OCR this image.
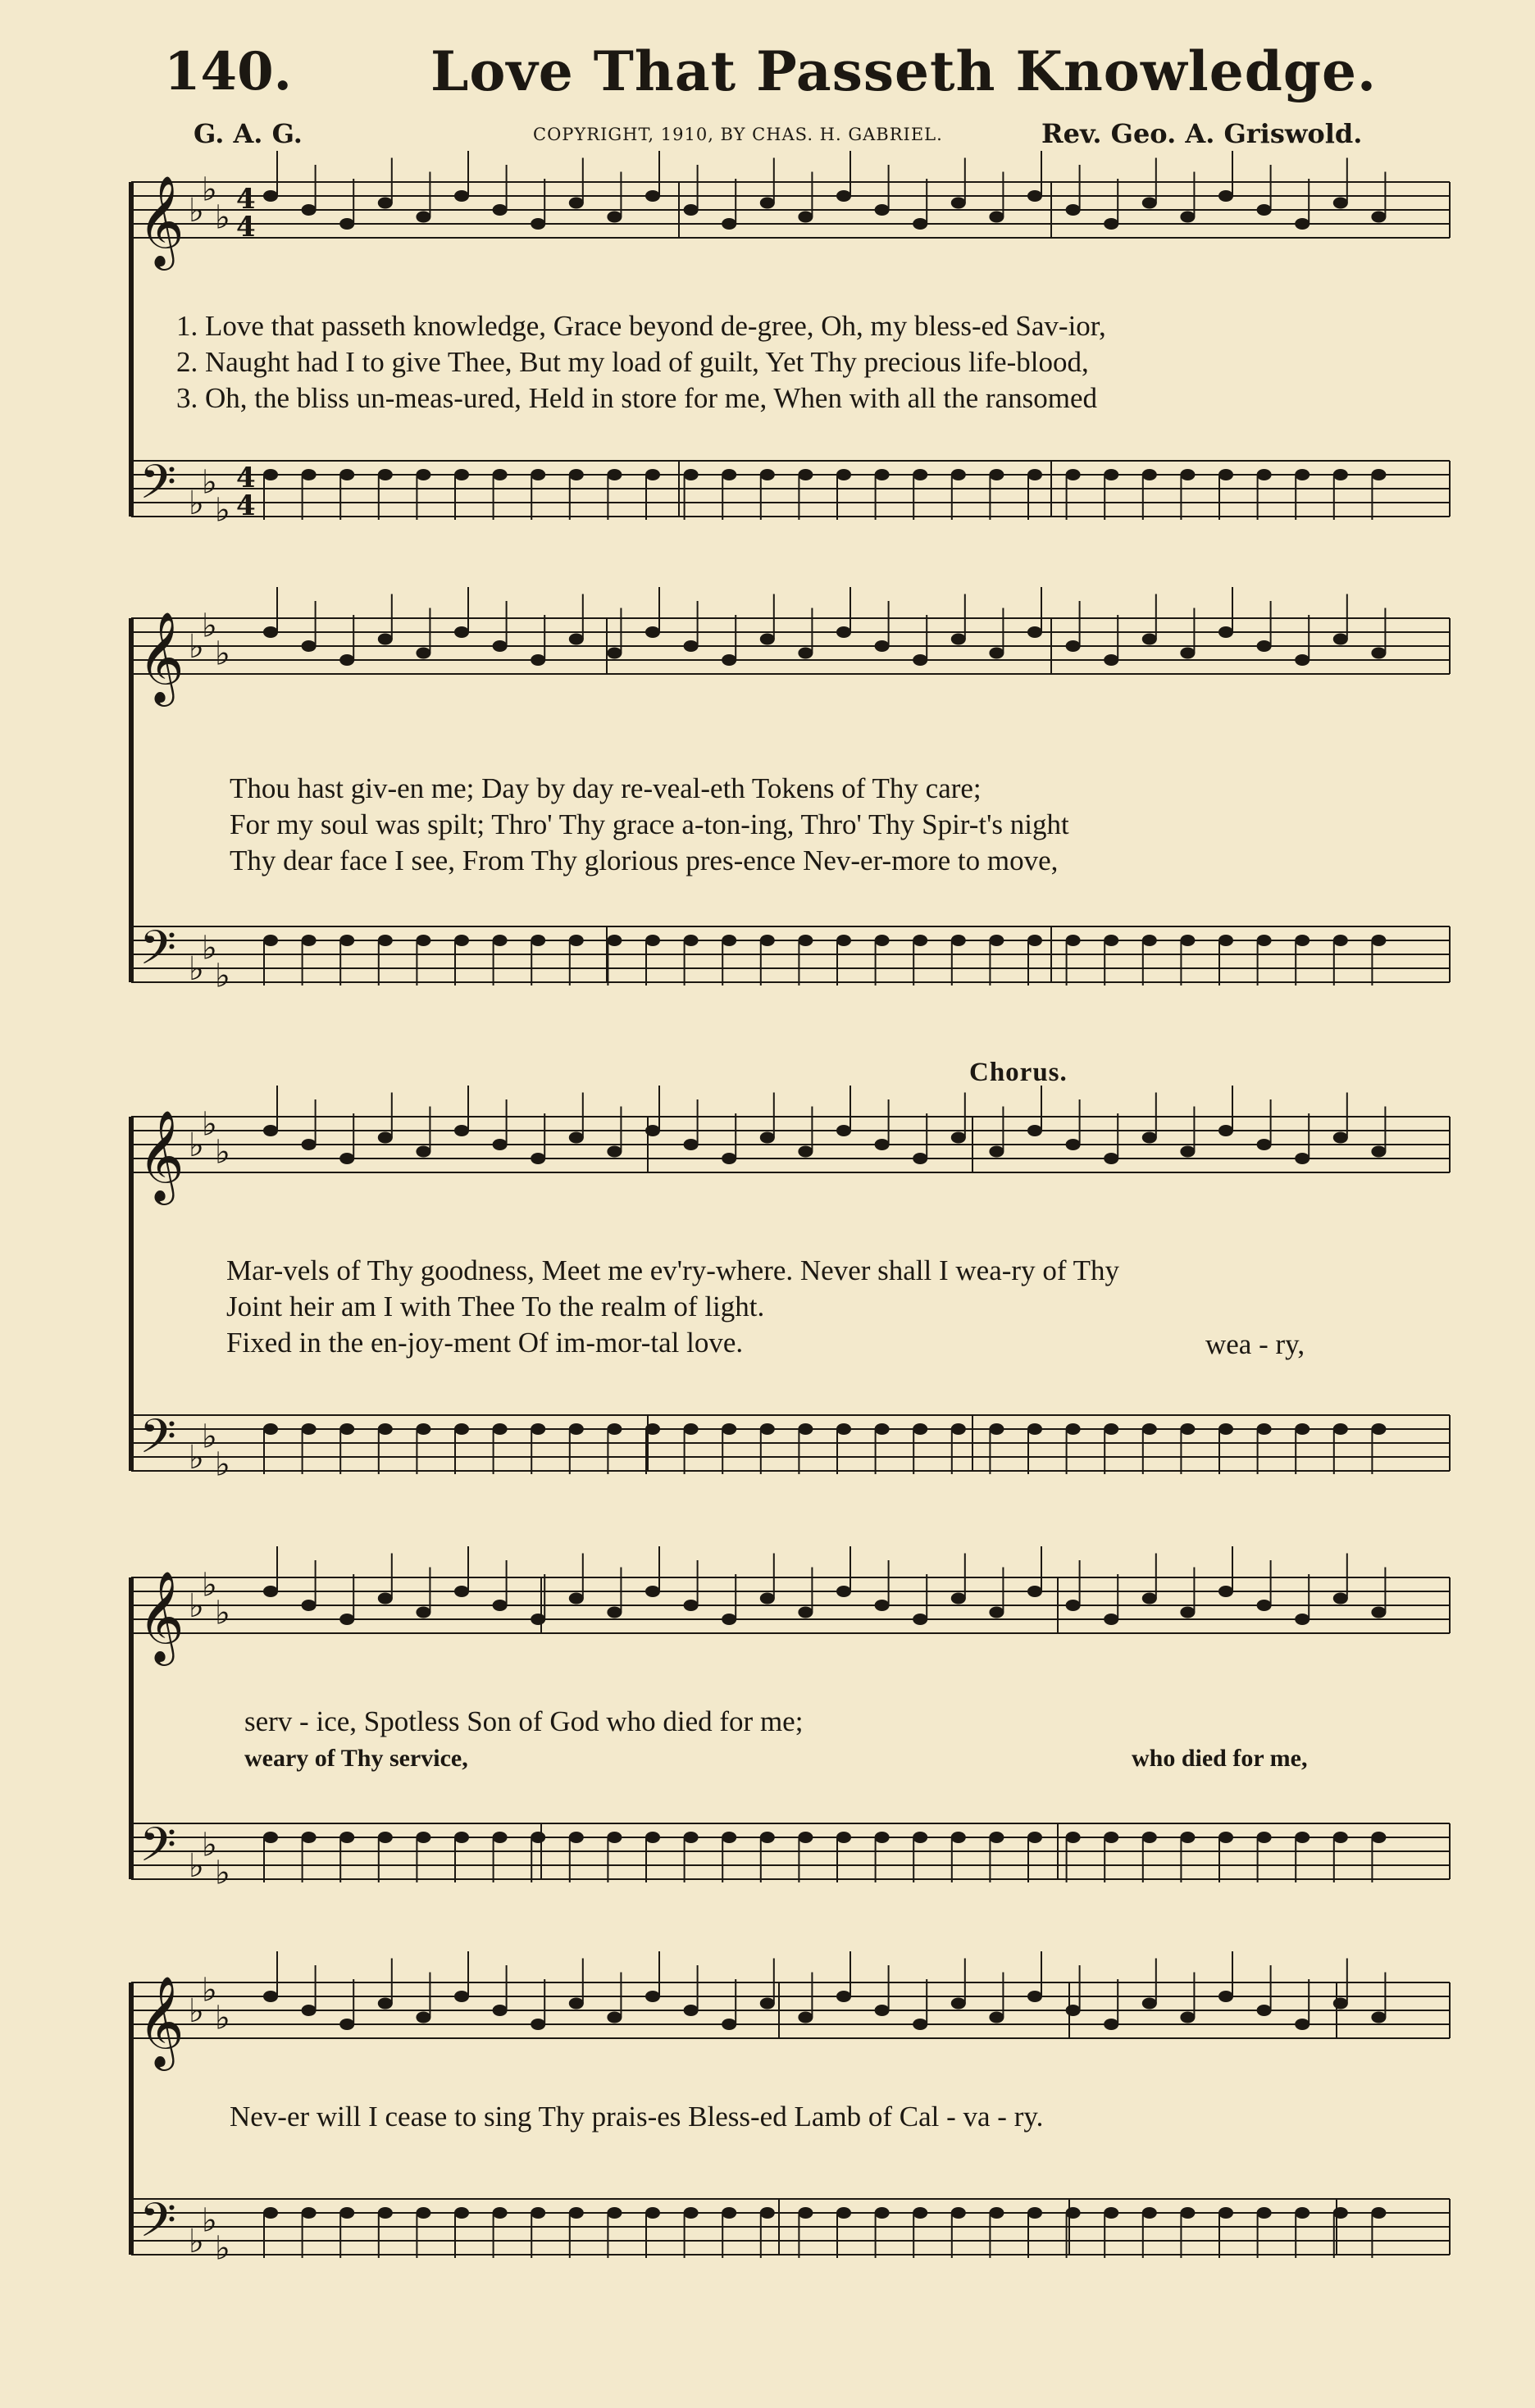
140.	Love That Passeth Knowledge.
G. A. G.	COPYRIGHT, 1910, BY CHAS. H. GABRIEL.	Rev. Geo. A. Griswold.
𝄞
𝄢
♭
♭
♭
♭
♭
♭
4
4
4
4
𝄞
𝄢
♭
♭
♭
♭
♭
♭
𝄞
𝄢
♭
♭
♭
♭
♭
♭
𝄞
𝄢
♭
♭
♭
♭
♭
♭
𝄞
𝄢
♭
♭
♭
♭
♭
♭
1. Love that passeth knowledge, Grace beyond de-gree, Oh, my bless-ed Sav-ior,
2. Naught had I to give Thee, But my load of guilt, Yet Thy precious life-blood,
3. Oh, the bliss un-meas-ured, Held in store for me, When with all the ransomed
Thou hast giv-en me; Day by day re-veal-eth Tokens of Thy care;
For my soul was spilt; Thro' Thy grace a-ton-ing, Thro' Thy Spir-t's night
Thy dear face I see, From Thy glorious pres-ence Nev-er-more to move,
Chorus.
Mar-vels of Thy goodness, Meet me ev'ry-where. Never shall I wea-ry of Thy
Joint heir am I with Thee To the realm of light.
Fixed in the en-joy-ment Of im-mor-tal love.	wea - ry,
serv - ice, Spotless Son of God who died for me;
weary of Thy service,	who died for me,
Nev-er will I cease to sing Thy prais-es Bless-ed Lamb of Cal - va - ry.
